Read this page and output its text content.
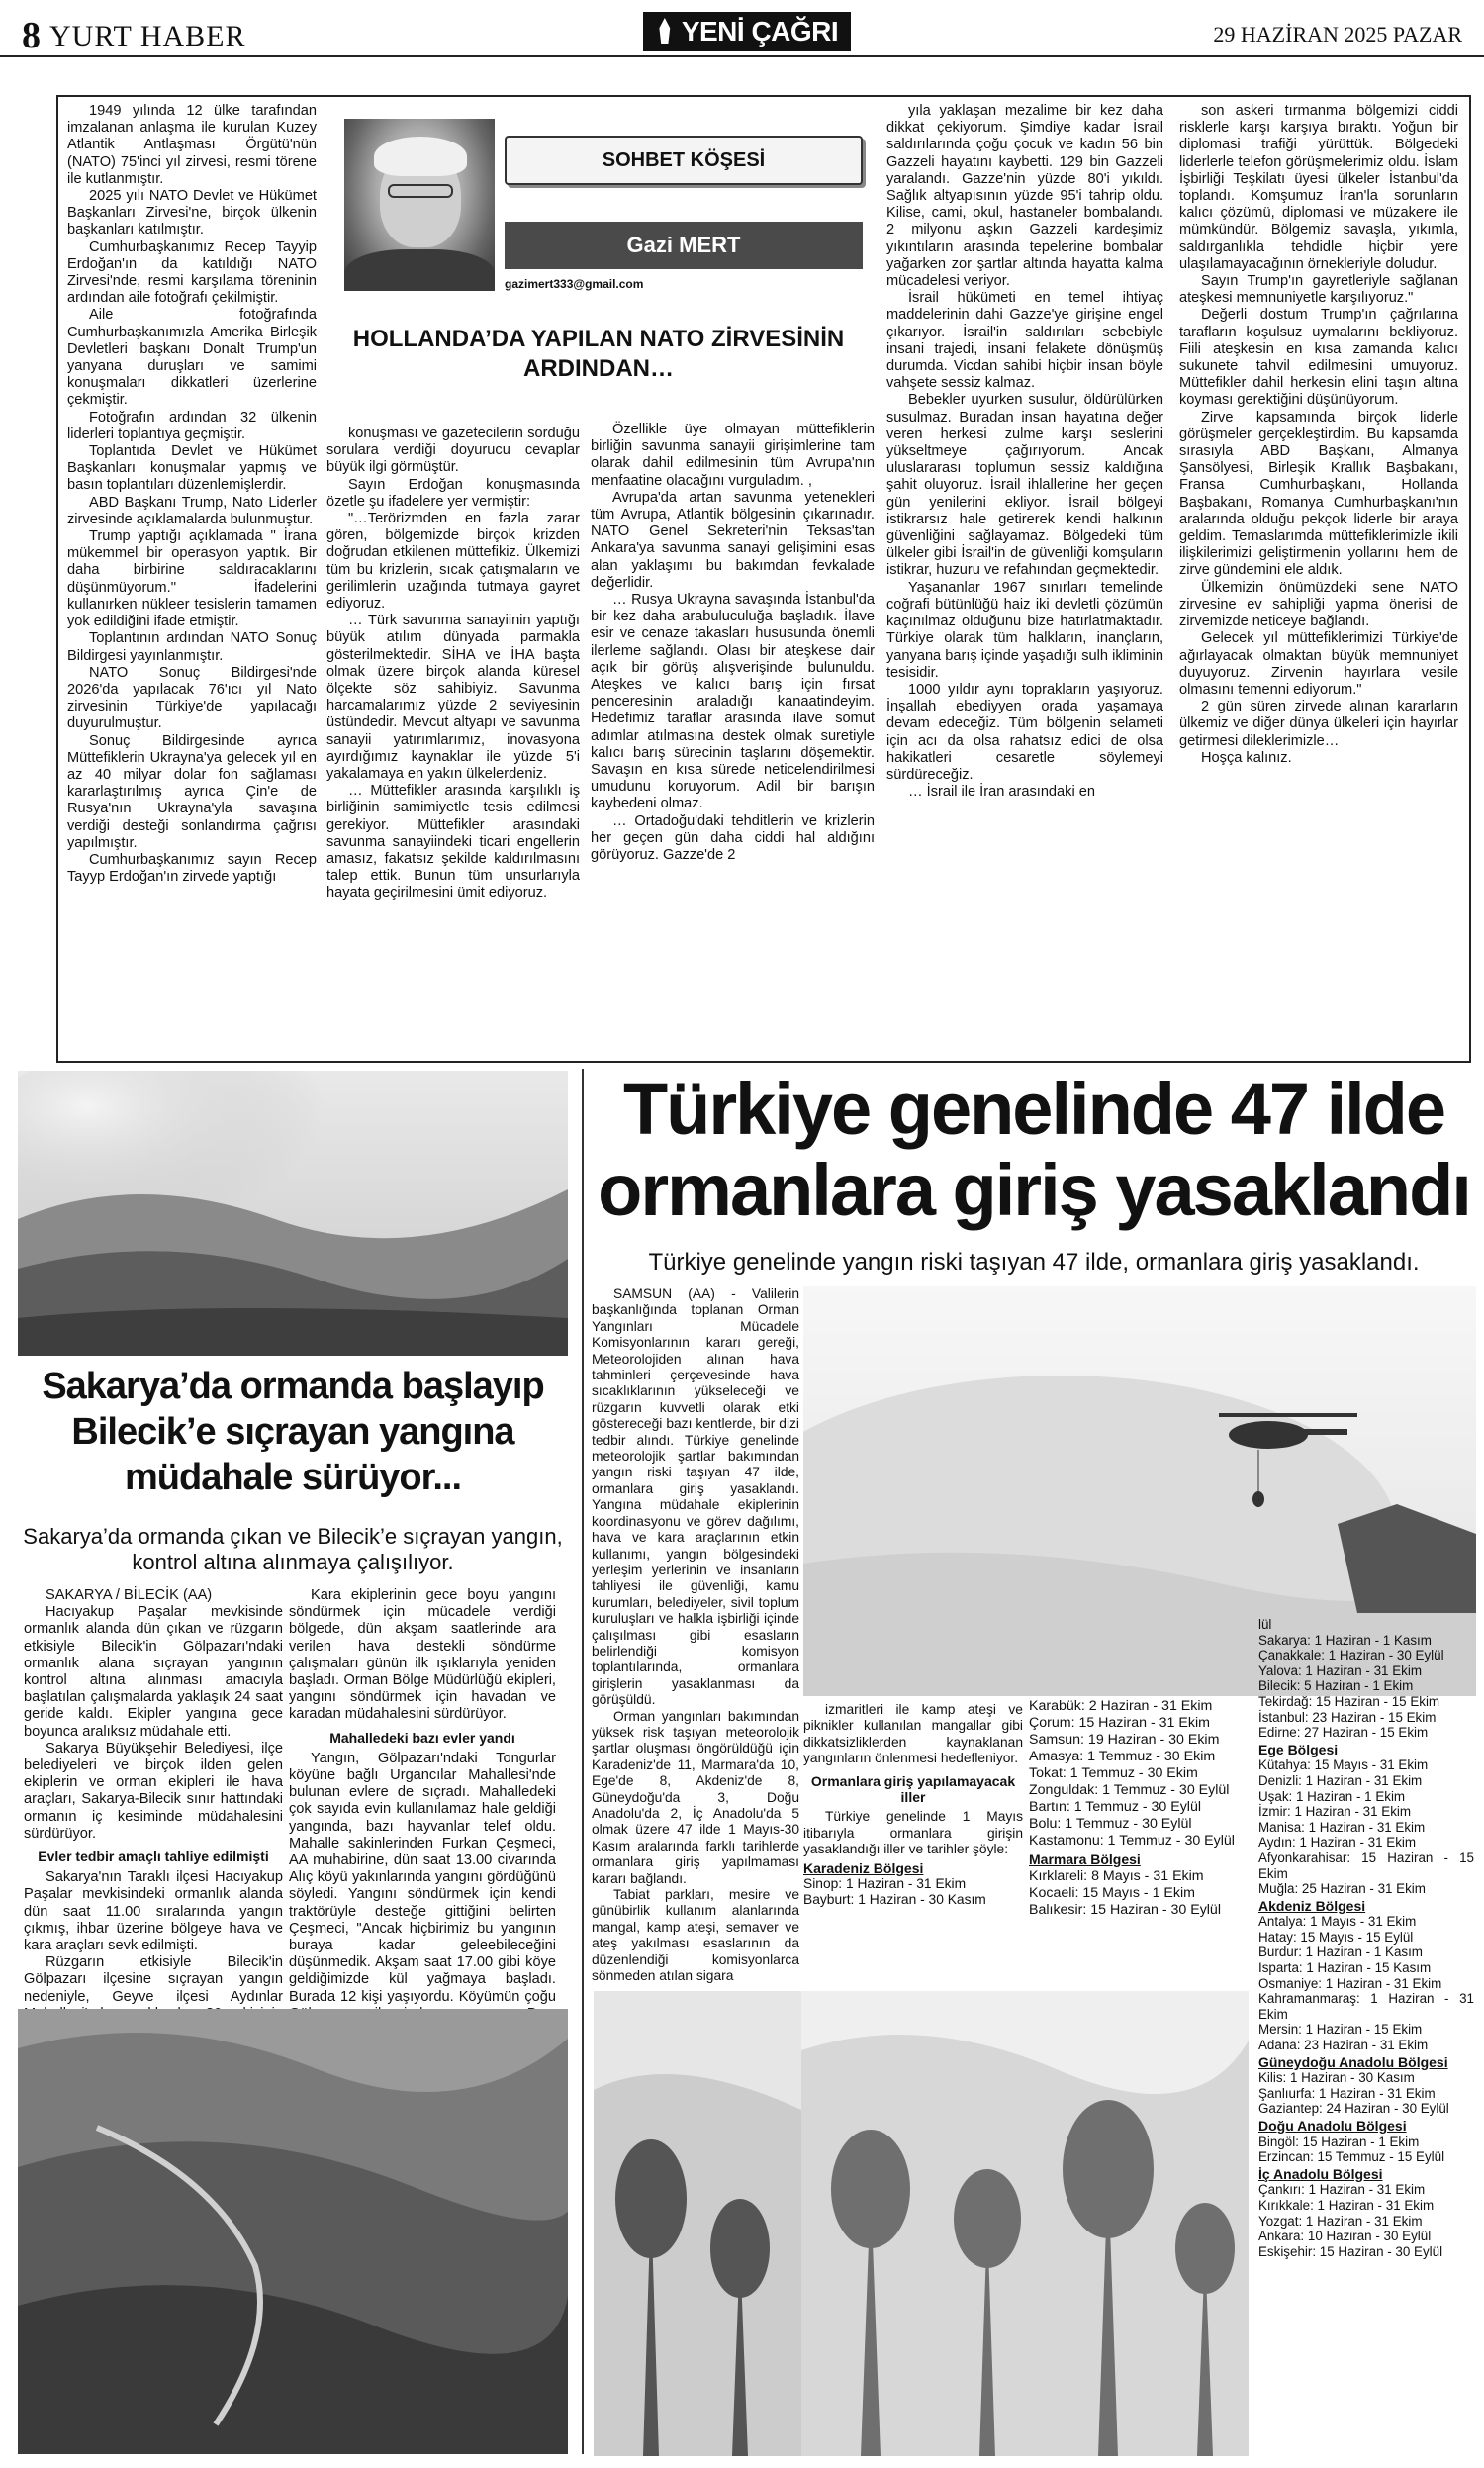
8 YURT HABER	YENİ ÇAĞRI	29 HAZİRAN 2025 PAZAR
SOHBET KÖŞESİ
Gazi MERT
gazimert333@gmail.com
HOLLANDA’DA YAPILAN NATO ZİRVESİNİN ARDINDAN…

1949 yılında 12 ülke tarafından imzalanan anlaşma ile kurulan Kuzey Atlantik Antlaşması Örgütü'nün (NATO) 75'inci yıl zirvesi, resmi törene ile kutlanmıştır.

2025 yılı NATO Devlet ve Hükümet Başkanları Zirvesi'ne, birçok ülkenin başkanları katılmıştır.

Cumhurbaşkanımız Recep Tayyip Erdoğan'ın da katıldığı NATO Zirvesi'nde, resmi karşılama töreninin ardından aile fotoğrafı çekilmiştir.

Aile fotoğrafında Cumhurbaşkanımızla Amerika Birleşik Devletleri başkanı Donalt Trump'un yanyana duruşları ve samimi konuşmaları dikkatleri üzerlerine çekmiştir.

Fotoğrafın ardından 32 ülkenin liderleri toplantıya geçmiştir.

Toplantıda Devlet ve Hükümet Başkanları konuşmalar yapmış ve basın toplantıları düzenlemişlerdir.

ABD Başkanı Trump, Nato Liderler zirvesinde açıklamalarda bulunmuştur.

Trump yaptığı açıklamada '' İrana mükemmel bir operasyon yaptık. Bir daha birbirine saldıracaklarını düşünmüyorum.'' İfadelerini kullanırken nükleer tesislerin tamamen yok edildiğini ifade etmiştir.

Toplantının ardından NATO Sonuç Bildirgesi yayınlanmıştır.

NATO Sonuç Bildirgesi'nde 2026'da yapılacak 76'ıcı yıl Nato zirvesinin Türkiye'de yapılacağı duyurulmuştur.

Sonuç Bildirgesinde ayrıca Müttefiklerin Ukrayna'ya gelecek yıl en az 40 milyar dolar fon sağlaması kararlaştırılmış ayrıca Çin'e de Rusya'nın Ukrayna'yla savaşına verdiği desteği sonlandırma çağrısı yapılmıştır.

Cumhurbaşkanımız sayın Recep Tayyp Erdoğan'ın zirvede yaptığı

konuşması ve gazetecilerin sorduğu sorulara verdiği doyurucu cevaplar büyük ilgi görmüştür.

Sayın Erdoğan konuşmasında özetle şu ifadelere yer vermiştir:

"…Terörizmden en fazla zarar gören, bölgemizde birçok krizden doğrudan etkilenen müttefikiz. Ülkemizi tüm bu krizlerin, sıcak çatışmaların ve gerilimlerin uzağında tutmaya gayret ediyoruz.

… Türk savunma sanayiinin yaptığı büyük atılım dünyada parmakla gösterilmektedir. SİHA ve İHA başta olmak üzere birçok alanda küresel ölçekte söz sahibiyiz. Savunma harcamalarımız yüzde 2 seviyesinin üstündedir. Mevcut altyapı ve savunma sanayii yatırımlarımız, inovasyona ayırdığımız kaynaklar ile yüzde 5'i yakalamaya en yakın ülkelerdeniz.

… Müttefikler arasında karşılıklı iş birliğinin samimiyetle tesis edilmesi gerekiyor. Müttefikler arasındaki savunma sanayiindeki ticari engellerin amasız, fakatsız şekilde kaldırılmasını talep ettik. Bunun tüm unsurlarıyla hayata geçirilmesini ümit ediyoruz.

Özellikle üye olmayan müttefiklerin birliğin savunma sanayii girişimlerine tam olarak dahil edilmesinin tüm Avrupa'nın menfaatine olacağını vurguladım. ,

Avrupa'da artan savunma yetenekleri tüm Avrupa, Atlantik bölgesinin çıkarınadır. NATO Genel Sekreteri'nin Teksas'tan Ankara'ya savunma sanayi gelişimini esas alan yaklaşımı bu bakımdan fevkalade değerlidir.

… Rusya Ukrayna savaşında İstanbul'da bir kez daha arabuluculuğa başladık. İlave esir ve cenaze takasları hususunda önemli ilerleme sağlandı. Olası bir ateşkese dair açık bir görüş alışverişinde bulunuldu. Ateşkes ve kalıcı barış için fırsat penceresinin araladığı kanaatindeyim. Hedefimiz taraflar arasında ilave somut adımlar atılmasına destek olmak suretiyle kalıcı barış sürecinin taşlarını döşemektir. Savaşın en kısa sürede neticelendirilmesi umudunu koruyorum. Adil bir barışın kaybedeni olmaz.

… Ortadoğu'daki tehditlerin ve krizlerin her geçen gün daha ciddi hal aldığını görüyoruz. Gazze'de 2

yıla yaklaşan mezalime bir kez daha dikkat çekiyorum. Şimdiye kadar İsrail saldırılarında çoğu çocuk ve kadın 56 bin Gazzeli hayatını kaybetti. 129 bin Gazzeli yaralandı. Gazze'nin yüzde 80'i yıkıldı. Sağlık altyapısının yüzde 95'i tahrip oldu. Kilise, cami, okul, hastaneler bombalandı. 2 milyonu aşkın Gazzeli kardeşimiz yıkıntıların arasında tepelerine bombalar yağarken zor şartlar altında hayatta kalma mücadelesi veriyor.

İsrail hükümeti en temel ihtiyaç maddelerinin dahi Gazze'ye girişine engel çıkarıyor. İsrail'in saldırıları sebebiyle insani trajedi, insani felakete dönüşmüş durumda. Vicdan sahibi hiçbir insan böyle vahşete sessiz kalmaz.

Bebekler uyurken susulur, öldürülürken susulmaz. Buradan insan hayatına değer veren herkesi zulme karşı seslerini yükseltmeye çağırıyorum. Ancak uluslararası toplumun sessiz kaldığına şahit oluyoruz. İsrail ihlallerine her geçen gün yenilerini ekliyor. İsrail bölgeyi istikrarsız hale getirerek kendi halkının güvenliğini sağlayamaz. Bölgedeki tüm ülkeler gibi İsrail'in de güvenliği komşuların istikrar, huzuru ve refahından geçmektedir.

Yaşananlar 1967 sınırları temelinde coğrafi bütünlüğü haiz iki devletli çözümün kaçınılmaz olduğunu bize hatırlatmaktadır. Türkiye olarak tüm halkların, inançların, yanyana barış içinde yaşadığı sulh ikliminin tesisidir.

1000 yıldır aynı toprakların yaşıyoruz. İnşallah ebediyyen orada yaşamaya devam edeceğiz. Tüm bölgenin selameti için acı da olsa rahatsız edici de olsa hakikatleri cesaretle söylemeyi sürdüreceğiz.

… İsrail ile İran arasındaki en

son askeri tırmanma bölgemizi ciddi risklerle karşı karşıya bıraktı. Yoğun bir diplomasi trafiği yürüttük. Bölgedeki liderlerle telefon görüşmelerimiz oldu. İslam İşbirliği Teşkilatı üyesi ülkeler İstanbul'da toplandı. Komşumuz İran'la sorunların kalıcı çözümü, diplomasi ve müzakere ile mümkündür. Bölgemiz savaşla, yıkımla, saldırganlıkla tehdidle hiçbir yere ulaşılamayacağının örnekleriyle doludur.

Sayın Trump'ın gayretleriyle sağlanan ateşkesi memnuniyetle karşılıyoruz."

Değerli dostum Trump'ın çağrılarına tarafların koşulsuz uymalarını bekliyoruz. Fiili ateşkesin en kısa zamanda kalıcı sukunete tahvil edilmesini umuyoruz. Müttefikler dahil herkesin elini taşın altına koyması gerektiğini düşünüyorum.

Zirve kapsamında birçok liderle görüşmeler gerçekleştirdim. Bu kapsamda sırasıyla ABD Başkanı, Almanya Şansölyesi, Birleşik Krallık Başbakanı, Fransa Cumhurbaşkanı, Hollanda Başbakanı, Romanya Cumhurbaşkanı'nın aralarında olduğu pekçok liderle bir araya geldim. Temaslarımda müttefiklerimizle ikili ilişkilerimizi geliştirmenin yollarını hem de zirve gündemini ele aldık.

Ülkemizin önümüzdeki sene NATO zirvesine ev sahipliği yapma önerisi de zirvemizde neticeye bağlandı.

Gelecek yıl müttefiklerimizi Türkiye'de ağırlayacak olmaktan büyük memnuniyet duyuyoruz. Zirvenin hayırlara vesile olmasını temenni ediyorum."

2 gün süren zirvede alınan kararların ülkemiz ve diğer dünya ülkeleri için hayırlar getirmesi dileklerimizle…

Hoşça kalınız.

Sakarya’da ormanda başlayıp Bilecik’e sıçrayan yangına müdahale sürüyor...
Sakarya’da ormanda çıkan ve Bilecik’e sıçrayan yangın, kontrol altına alınmaya çalışılıyor.

SAKARYA / BİLECİK (AA)

Hacıyakup Paşalar mevkisinde ormanlık alanda dün çıkan ve rüzgarın etkisiyle Bilecik'in Gölpazarı'ndaki ormanlık alana sıçrayan yangının kontrol altına alınması amacıyla başlatılan çalışmalarda yaklaşık 24 saat geride kaldı. Ekipler yangına gece boyunca aralıksız müdahale etti.

Sakarya Büyükşehir Belediyesi, ilçe belediyeleri ve birçok ilden gelen ekiplerin ve orman ekipleri ile hava araçları, Sakarya-Bilecik sınır hattındaki ormanın iç kesiminde müdahalesini sürdürüyor.

Evler tedbir amaçlı tahliye edilmişti

Sakarya'nın Taraklı ilçesi Hacıyakup Paşalar mevkisindeki ormanlık alanda dün saat 11.00 sıralarında yangın çıkmış, ihbar üzerine bölgeye hava ve kara araçları sevk edilmişti.

Rüzgarın etkisiyle Bilecik'in Gölpazarı ilçesine sıçrayan yangın nedeniyle, Geyve ilçesi Aydınlar

Kara ekiplerinin gece boyu yangını söndürmek için mücadele verdiği bölgede, dün akşam saatlerinde ara verilen hava destekli söndürme çalışmaları günün ilk ışıklarıyla yeniden başladı. Orman Bölge Müdürlüğü ekipleri, yangını söndürmek için havadan ve karadan müdahalesini sürdürüyor.

Mahalledeki bazı evler yandı

Yangın, Gölpazarı'ndaki Tongurlar köyüne bağlı Urgancılar Mahallesi'nde bulunan evlere de sıçradı. Mahalledeki çok sayıda evin kullanılamaz hale geldiği yangında, bazı hayvanlar telef oldu. Mahalle sakinlerinden Furkan Çeşmeci, AA muhabirine, dün saat 13.00 civarında Alıç köyü yakınlarında yangını gördüğünü söyledi. Yangını söndürmek için kendi traktörüyle desteğe gittiğini belirten Çeşmeci, "Ancak hiçbirimiz bu yangının buraya kadar geleebileceğini düşünmedik. Akşam saat 17.00 gibi köye geldiğimizde kül yağmaya başladı. Burada 12 kişi yaşıyordu. Köyümün çoğu

Türkiye genelinde 47 ilde ormanlara giriş yasaklandı
Türkiye genelinde yangın riski taşıyan 47 ilde, ormanlara giriş yasaklandı.

SAMSUN (AA) - Valilerin başkanlığında toplanan Orman Yangınları Mücadele Komisyonlarının kararı gereği, Meteorolojiden alınan hava tahminleri çerçevesinde hava sıcaklıklarının yükseleceği ve rüzgarın kuvvetli olarak etki göstereceği bazı kentlerde, bir dizi tedbir alındı. Türkiye genelinde meteorolojik şartlar bakımından yangın riski taşıyan 47 ilde, ormanlara giriş yasaklandı. Yangına müdahale ekiplerinin koordinasyonu ve görev dağılımı, hava ve kara araçlarının etkin kullanımı, yangın bölgesindeki yerleşim yerlerinin ve insanların tahliyesi ile güvenliği, kamu kurumları, belediyeler, sivil toplum kuruluşları ve halkla işbirliği içinde çalışılması gibi esasların belirlendiği komisyon toplantılarında, ormanlara girişlerin yasaklanması da görüşüldü.

Orman yangınları bakımından yüksek risk taşıyan meteorolojik şartlar oluşması öngörüldüğü için Karadeniz'de 11, Marmara'da 10, Ege'de 8, Akdeniz'de 8, Güneydoğu'da 3, Doğu Anadolu'da 2, İç Anadolu'da 5 olmak üzere 47 ilde 1 Mayıs-30 Kasım aralarında farklı tarihlerde ormanlara giriş yapılmaması kararı bağlandı.

Tabiat parkları, mesire ve günübirlik kullanım alanlarında mangal, kamp ateşi, semaver ve ateş yakılması esaslarının da düzenlendiği komisyonlarca sönmeden atılan sigara

izmaritleri ile kamp ateşi ve piknikler kullanılan mangallar gibi dikkatsizliklerden kaynaklanan yangınların önlenmesi hedefleniyor.

Ormanlara giriş yapılamayacak iller

Türkiye genelinde 1 Mayıs itibarıyla ormanlara girişin yasaklandığı iller ve tarihler şöyle:

Karadeniz Bölgesi
Sinop: 1 Haziran - 31 Ekim
Bayburt: 1 Haziran - 30 Kasım
Karabük: 2 Haziran - 31 Ekim
Çorum: 15 Haziran - 31 Ekim
Samsun: 19 Haziran - 30 Ekim
Amasya: 1 Temmuz - 30 Ekim
Tokat: 1 Temmuz - 30 Ekim
Zonguldak: 1 Temmuz - 30 Eylül
Bartın: 1 Temmuz - 30 Eylül
Bolu: 1 Temmuz - 30 Eylül
Kastamonu: 1 Temmuz - 30 Eylül
Marmara Bölgesi
Kırklareli: 8 Mayıs - 31 Ekim
Kocaeli: 15 Mayıs - 1 Ekim
Balıkesir: 15 Haziran - 30 Eylül
lül
Sakarya: 1 Haziran - 1 Kasım
Çanakkale: 1 Haziran - 30 Eylül
Yalova: 1 Haziran - 31 Ekim
Bilecik: 5 Haziran - 1 Ekim
Tekirdağ: 15 Haziran - 15 Ekim
İstanbul: 23 Haziran - 15 Ekim
Edirne: 27 Haziran - 15 Ekim
Ege Bölgesi
Kütahya: 15 Mayıs - 31 Ekim
Denizli: 1 Haziran - 31 Ekim
Uşak: 1 Haziran - 1 Ekim
İzmir: 1 Haziran - 31 Ekim
Manisa: 1 Haziran - 31 Ekim
Aydın: 1 Haziran - 31 Ekim
Afyonkarahisar: 15 Haziran - 15 Ekim
Muğla: 25 Haziran - 31 Ekim
Akdeniz Bölgesi
Antalya: 1 Mayıs - 31 Ekim
Hatay: 15 Mayıs - 15 Eylül
Burdur: 1 Haziran - 1 Kasım
Isparta: 1 Haziran - 15 Kasım
Osmaniye: 1 Haziran - 31 Ekim
Kahramanmaraş: 1 Haziran - 31 Ekim
Mersin: 1 Haziran - 15 Ekim
Adana: 23 Haziran - 31 Ekim
Güneydoğu Anadolu Bölgesi
Kilis: 1 Haziran - 30 Kasım
Şanlıurfa: 1 Haziran - 31 Ekim
Gaziantep: 24 Haziran - 30 Eylül
Doğu Anadolu Bölgesi
Bingöl: 15 Haziran - 1 Ekim
Erzincan: 15 Temmuz - 15 Eylül
İç Anadolu Bölgesi
Çankırı: 1 Haziran - 31 Ekim
Kırıkkale: 1 Haziran - 31 Ekim
Yozgat: 1 Haziran - 31 Ekim
Ankara: 10 Haziran - 30 Eylül
Eskişehir: 15 Haziran - 30 Eylül
